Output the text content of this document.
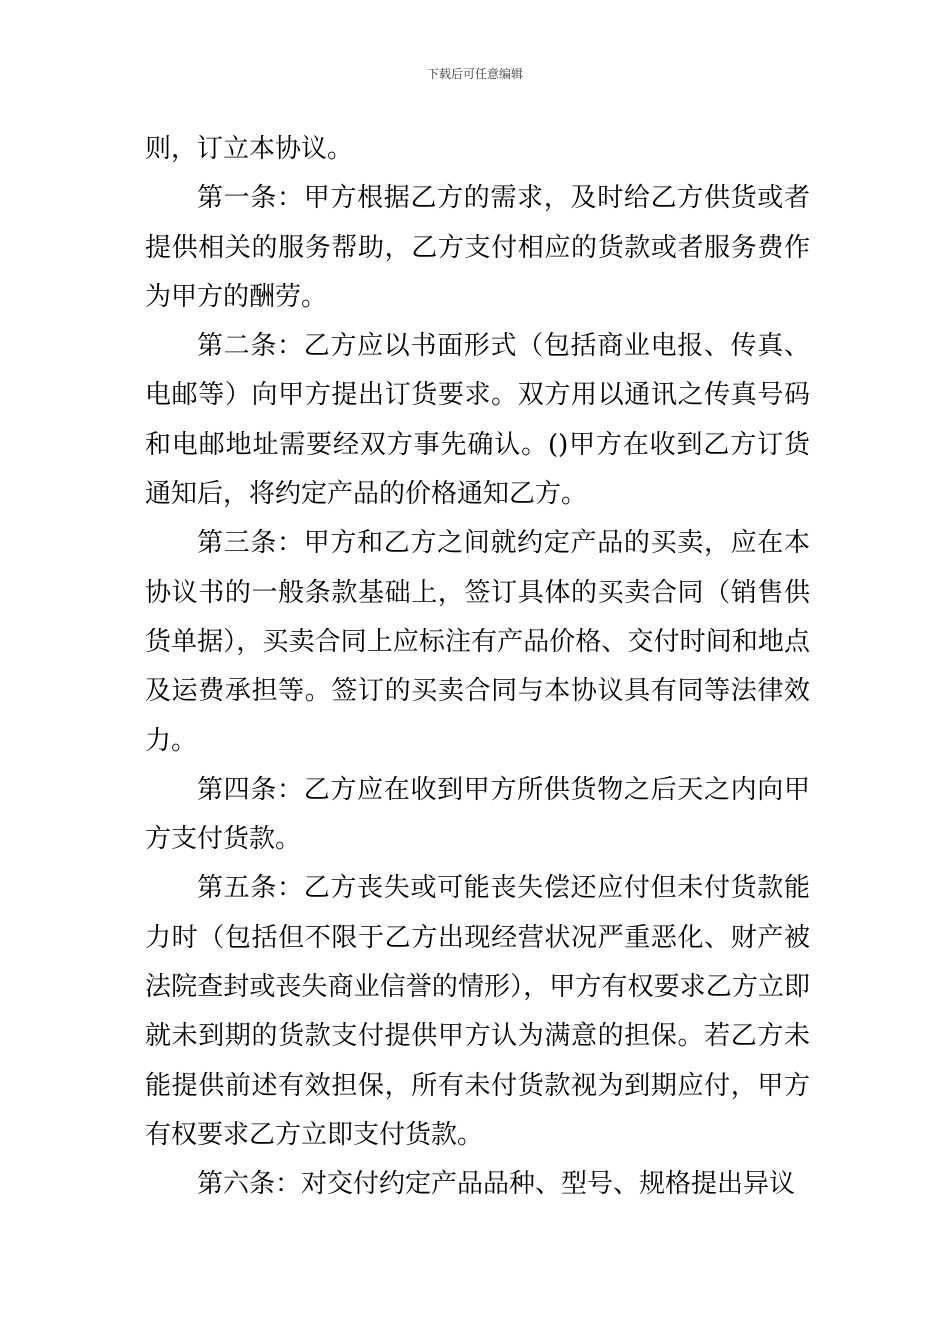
下载后可任意编辑

则，订立本协议。

第一条：甲方根据乙方的需求，及时给乙方供货或者提供相关的服务帮助，乙方支付相应的货款或者服务费作为甲方的酬劳。

第二条：乙方应以书面形式（包括商业电报、传真、电邮等）向甲方提出订货要求。双方用以通讯之传真号码和电邮地址需要经双方事先确认。()甲方在收到乙方订货通知后，将约定产品的价格通知乙方。

第三条：甲方和乙方之间就约定产品的买卖，应在本协议书的一般条款基础上，签订具体的买卖合同（销售供货单据），买卖合同上应标注有产品价格、交付时间和地点及运费承担等。签订的买卖合同与本协议具有同等法律效力。

第四条：乙方应在收到甲方所供货物之后天之内向甲方支付货款。

第五条：乙方丧失或可能丧失偿还应付但未付货款能力时（包括但不限于乙方出现经营状况严重恶化、财产被法院查封或丧失商业信誉的情形），甲方有权要求乙方立即就未到期的货款支付提供甲方认为满意的担保。若乙方未能提供前述有效担保，所有未付货款视为到期应付，甲方有权要求乙方立即支付货款。

第六条：对交付约定产品品种、型号、规格提出异议
